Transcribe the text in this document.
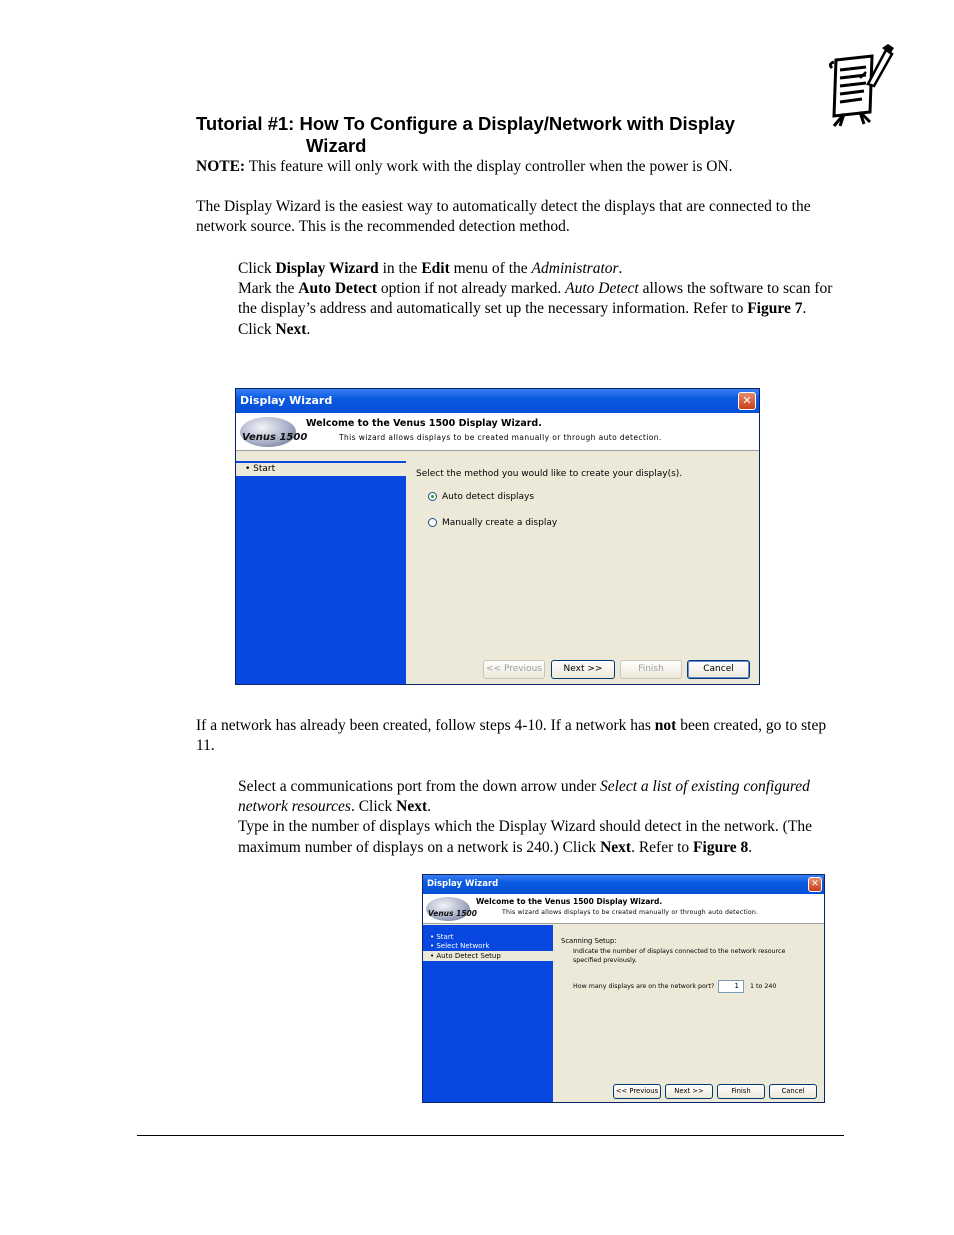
Tutorial #1: How To Configure a Display/Network with Display
Wizard
NOTE: This feature will only work with the display controller when the power is ON.
The Display Wizard is the easiest way to automatically detect the displays that are connected to the network source. This is the recommended detection method.
Click Display Wizard in the Edit menu of the Administrator.
Mark the Auto Detect option if not already marked. Auto Detect allows the software to scan for the display’s address and automatically set up the necessary information. Refer to Figure 7.
Click Next.
Display Wizard	✕
Venus 1500
Welcome to the Venus 1500 Display Wizard.
This wizard allows displays to be created manually or through auto detection.
• Start	Select the method you would like to create your display(s).
Auto detect displays
Manually create a display
<< Previous	Next >>	Finish	Cancel
If a network has already been created, follow steps 4-10. If a network has not been created, go to step 11.
Select a communications port from the down arrow under Select a list of existing configured network resources. Click Next.
Type in the number of displays which the Display Wizard should detect in the network. (The maximum number of displays on a network is 240.) Click Next. Refer to Figure 8.
Display Wizard	✕
Venus 1500
Welcome to the Venus 1500 Display Wizard.
This wizard allows displays to be created manually or through auto detection.
• Start
• Select Network
• Auto Detect Setup
Scanning Setup:
Indicate the number of displays connected to the network resource
specified previously.
How many displays are on the network port?	1	1 to 240
<< Previous	Next >>	Finish	Cancel
